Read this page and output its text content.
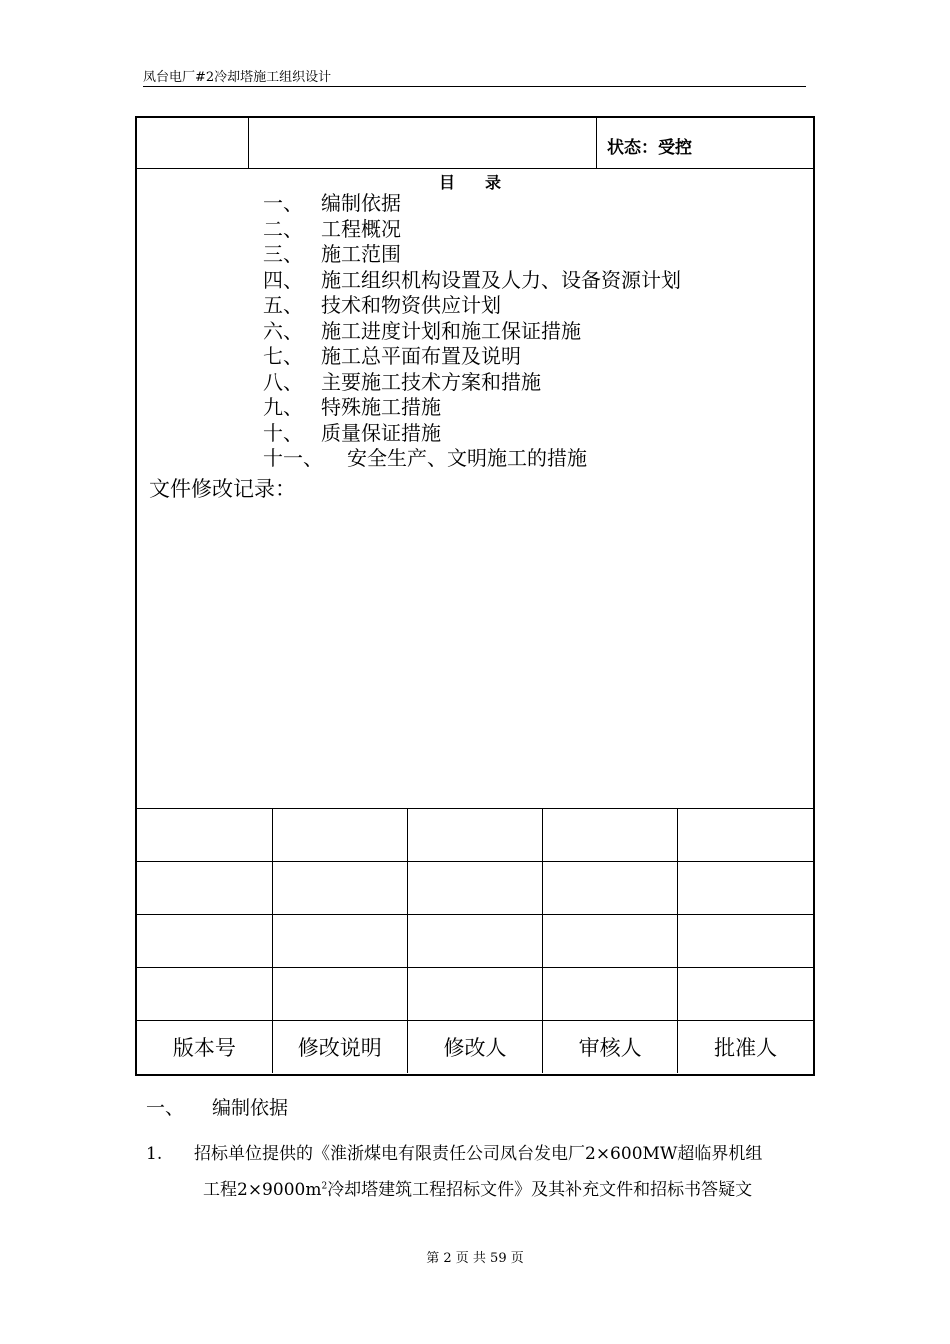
凤台电厂#2冷却塔施工组织设计
状态：受控
目录
一、 编制依据
二、 工程概况
三、 施工范围
四、 施工组织机构设置及人力、设备资源计划
五、 技术和物资供应计划
六、 施工进度计划和施工保证措施
七、 施工总平面布置及说明
八、 主要施工技术方案和措施
九、 特殊施工措施
十、 质量保证措施
十一、 安全生产、文明施工的措施
文件修改记录：

版本号	修改说明	修改人	审核人	批准人
一、 编制依据
1. 招标单位提供的《淮浙煤电有限责任公司凤台发电厂2×600MW超临界机组
工程$2\times 9000m^2$冷却塔建筑工程招标文件》及其补充文件和招标书答疑文
第 2 页 共 59 页
